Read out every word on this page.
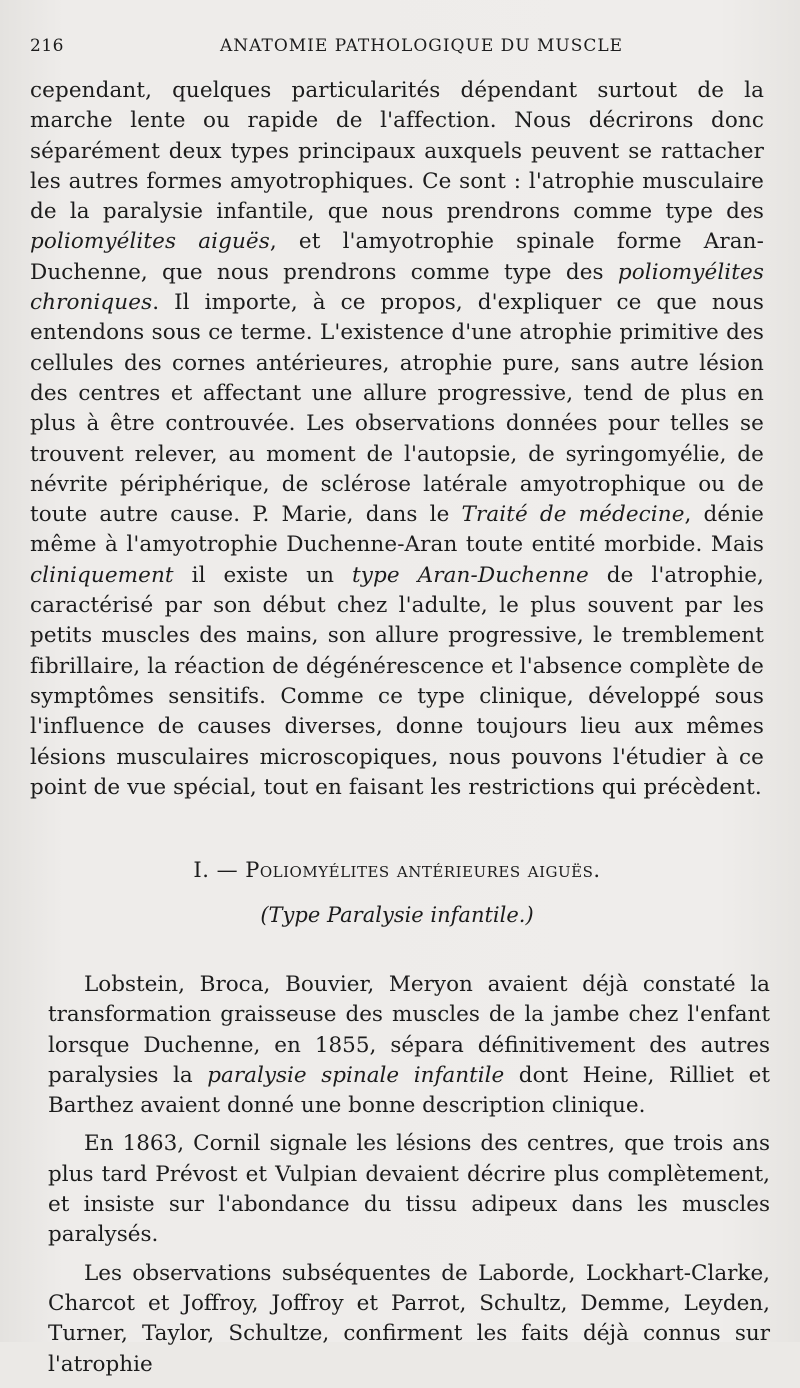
216	ANATOMIE PATHOLOGIQUE DU MUSCLE

cependant, quelques particularités dépendant surtout de la marche lente ou rapide de l'affection. Nous décrirons donc séparément deux types principaux auxquels peuvent se rattacher les autres formes amyotrophiques. Ce sont : l'atrophie musculaire de la paralysie infantile, que nous prendrons comme type des poliomyélites aiguës, et l'amyotrophie spinale forme Aran-Duchenne, que nous prendrons comme type des poliomyélites chroniques. Il importe, à ce propos, d'expliquer ce que nous entendons sous ce terme. L'existence d'une atrophie primitive des cellules des cornes antérieures, atrophie pure, sans autre lésion des centres et affectant une allure progressive, tend de plus en plus à être controuvée. Les observations données pour telles se trouvent relever, au moment de l'autopsie, de syringomyélie, de névrite périphérique, de sclérose latérale amyotrophique ou de toute autre cause. P. Marie, dans le Traité de médecine, dénie même à l'amyotrophie Duchenne-Aran toute entité morbide. Mais cliniquement il existe un type Aran-Duchenne de l'atrophie, caractérisé par son début chez l'adulte, le plus souvent par les petits muscles des mains, son allure progressive, le tremblement fibrillaire, la réaction de dégénérescence et l'absence complète de symptômes sensitifs. Comme ce type clinique, développé sous l'influence de causes diverses, donne toujours lieu aux mêmes lésions musculaires microscopiques, nous pouvons l'étudier à ce point de vue spécial, tout en faisant les restrictions qui précèdent.

I. — Poliomyélites antérieures aiguës.
(Type Paralysie infantile.)

Lobstein, Broca, Bouvier, Meryon avaient déjà constaté la transformation graisseuse des muscles de la jambe chez l'enfant lorsque Duchenne, en 1855, sépara définitivement des autres paralysies la paralysie spinale infantile dont Heine, Rilliet et Barthez avaient donné une bonne description clinique.

En 1863, Cornil signale les lésions des centres, que trois ans plus tard Prévost et Vulpian devaient décrire plus complètement, et insiste sur l'abondance du tissu adipeux dans les muscles paralysés.

Les observations subséquentes de Laborde, Lockhart-Clarke, Charcot et Joffroy, Joffroy et Parrot, Schultz, Demme, Leyden, Turner, Taylor, Schultze, confirment les faits déjà connus sur l'atrophie
